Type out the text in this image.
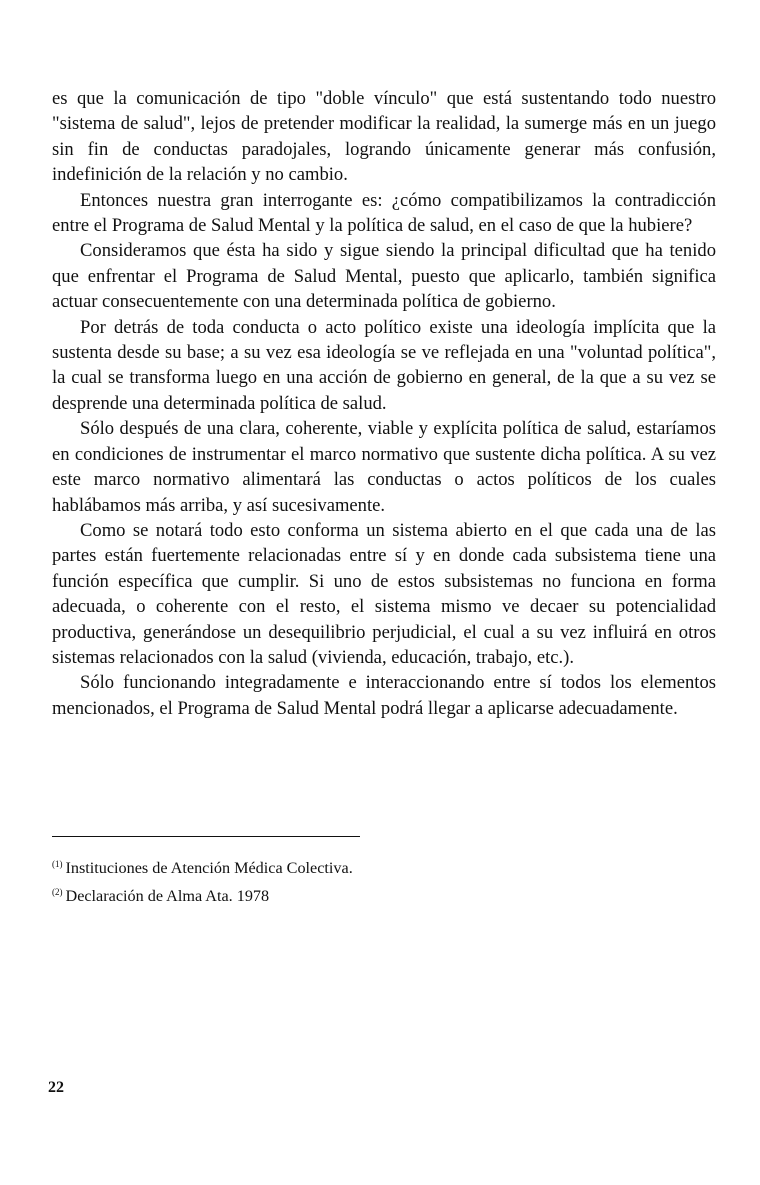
es que la comunicación de tipo "doble vínculo" que está sustentando todo nuestro "sistema de salud", lejos de pretender modificar la realidad, la sumerge más en un juego sin fin de conductas paradojales, logrando únicamente generar más confusión, indefinición de la relación y no cambio.

Entonces nuestra gran interrogante es: ¿cómo compatibilizamos la contradicción entre el Programa de Salud Mental y la política de salud, en el caso de que la hubiere?

Consideramos que ésta ha sido y sigue siendo la principal dificultad que ha tenido que enfrentar el Programa de Salud Mental, puesto que aplicarlo, también significa actuar consecuentemente con una determinada política de gobierno.

Por detrás de toda conducta o acto político existe una ideología implícita que la sustenta desde su base; a su vez esa ideología se ve reflejada en una "voluntad política", la cual se transforma luego en una acción de gobierno en general, de la que a su vez se desprende una determinada política de salud.

Sólo después de una clara, coherente, viable y explícita política de salud, estaríamos en condiciones de instrumentar el marco normativo que sustente dicha política. A su vez este marco normativo alimentará las conductas o actos políticos de los cuales hablábamos más arriba, y así sucesivamente.

Como se notará todo esto conforma un sistema abierto en el que cada una de las partes están fuertemente relacionadas entre sí y en donde cada subsistema tiene una función específica que cumplir. Si uno de estos subsistemas no funciona en forma adecuada, o coherente con el resto, el sistema mismo ve decaer su potencialidad productiva, generándose un desequilibrio perjudicial, el cual a su vez influirá en otros sistemas relacionados con la salud (vivienda, educación, trabajo, etc.).

Sólo funcionando integradamente e interaccionando entre sí todos los elementos mencionados, el Programa de Salud Mental podrá llegar a aplicarse adecuadamente.

$^{(1)}$ Instituciones de Atención Médica Colectiva.

$^{(2)}$ Declaración de Alma Ata. 1978

22
